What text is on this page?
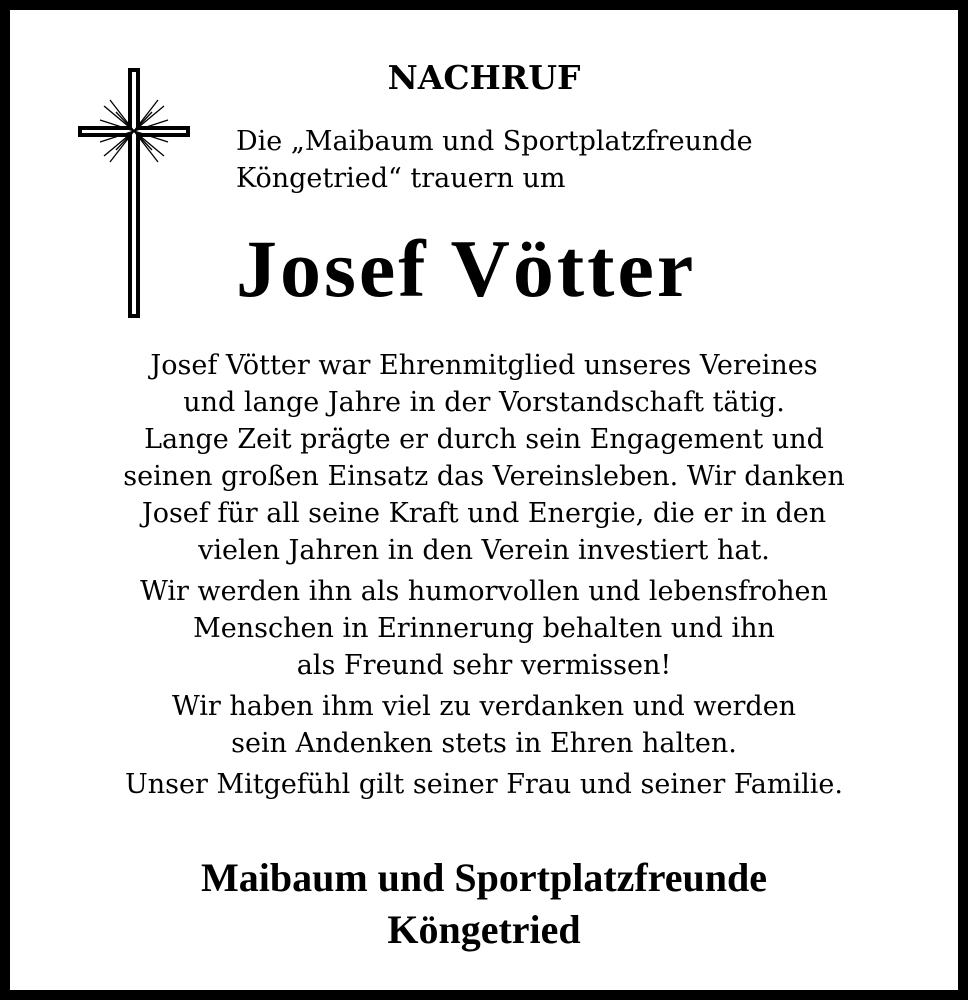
NACHRUF
Die „Maibaum und Sportplatzfreunde
Köngetried“ trauern um
Josef Vötter
Josef Vötter war Ehrenmitglied unseres Vereines
und lange Jahre in der Vorstandschaft tätig.
Lange Zeit prägte er durch sein Engagement und
seinen großen Einsatz das Vereinsleben. Wir danken
Josef für all seine Kraft und Energie, die er in den
vielen Jahren in den Verein investiert hat.
Wir werden ihn als humorvollen und lebensfrohen
Menschen in Erinnerung behalten und ihn
als Freund sehr vermissen!
Wir haben ihm viel zu verdanken und werden
sein Andenken stets in Ehren halten.
Unser Mitgefühl gilt seiner Frau und seiner Familie.
Maibaum und Sportplatzfreunde
Köngetried
